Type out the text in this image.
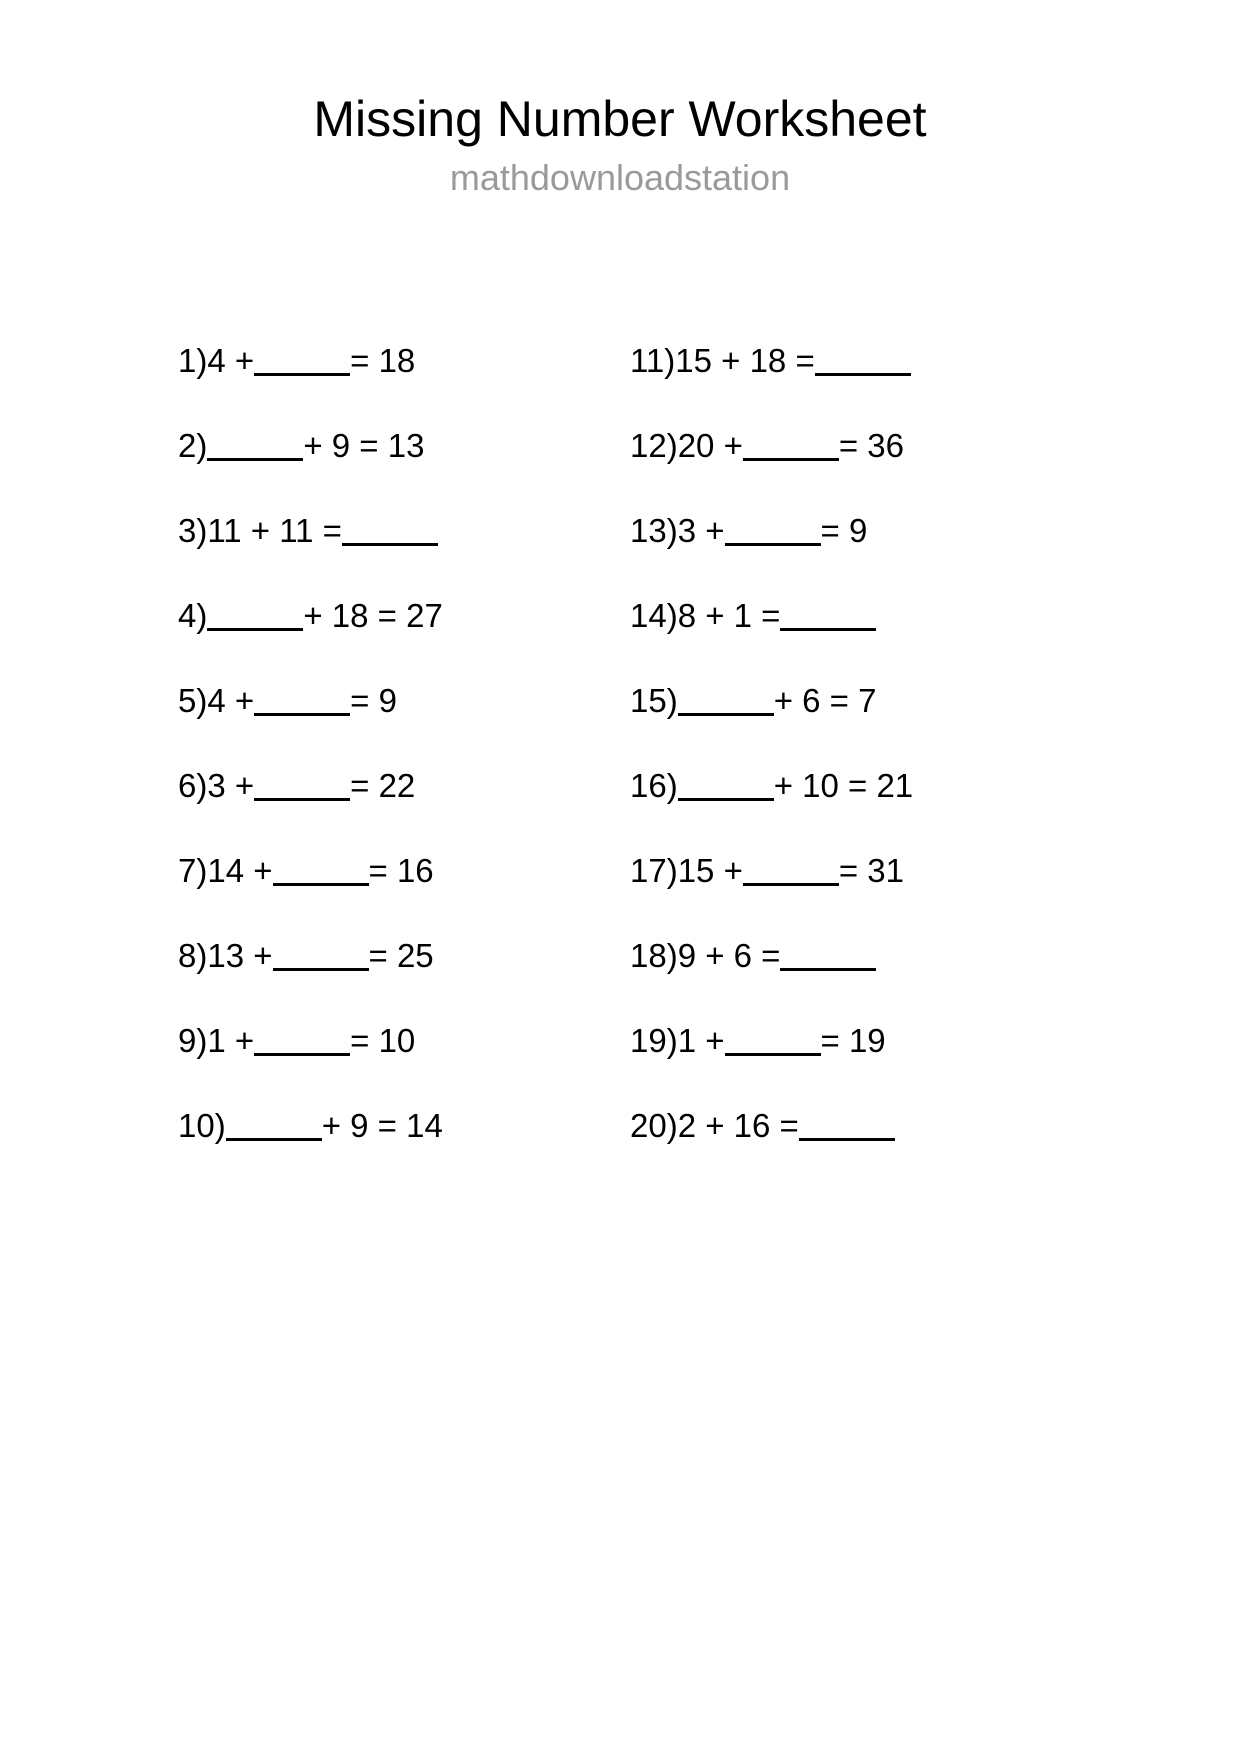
Missing Number Worksheet
mathdownloadstation
1) 4 +	= 18
2)	+ 9 = 13
3) 11 + 11 =
4)	+ 18 = 27
5) 4 +	= 9
6) 3 +	= 22
7) 14 +	= 16
8) 13 +	= 25
9) 1 +	= 10
10)	+ 9 = 14
11) 15 + 18 =
12) 20 +	= 36
13) 3 +	= 9
14) 8 + 1 =
15)	+ 6 = 7
16)	+ 10 = 21
17) 15 +	= 31
18) 9 + 6 =
19) 1 +	= 19
20) 2 + 16 =
